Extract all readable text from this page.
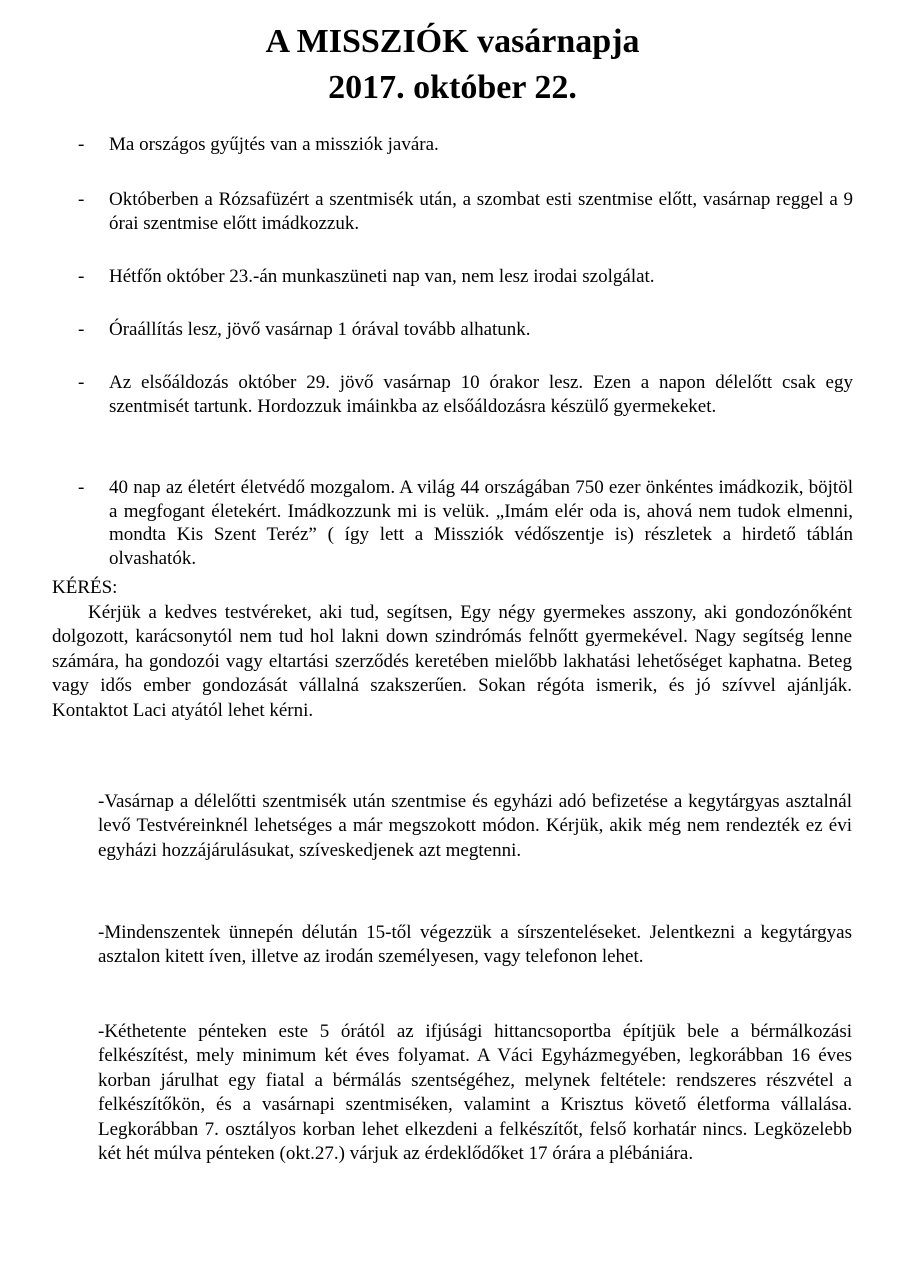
A MISSZIÓK vasárnapja
2017. október 22.
-	Ma országos gyűjtés van a missziók javára.
-	Októberben a Rózsafüzért a szentmisék után, a szombat esti szentmise előtt, vasárnap reggel a 9 órai szentmise előtt imádkozzuk.
-	Hétfőn október 23.-án munkaszüneti nap van, nem lesz irodai szolgálat.
-	Óraállítás lesz, jövő vasárnap 1 órával tovább alhatunk.
-	Az elsőáldozás október 29. jövő vasárnap 10 órakor lesz. Ezen a napon délelőtt csak egy szentmisét tartunk. Hordozzuk imáinkba az elsőáldozásra készülő gyermekeket.
-	40 nap az életért életvédő mozgalom. A világ 44 országában 750 ezer önkéntes imádkozik, böjtöl a megfogant életekért. Imádkozzunk mi is velük. „Imám elér oda is, ahová nem tudok elmenni, mondta Kis Szent Teréz” ( így lett a Missziók védőszentje is) részletek a hirdető táblán olvashatók.
KÉRÉS:
Kérjük a kedves testvéreket, aki tud, segítsen, Egy négy gyermekes asszony, aki gondozónőként dolgozott, karácsonytól nem tud hol lakni down szindrómás felnőtt gyermekével. Nagy segítség lenne számára, ha gondozói vagy eltartási szerződés keretében mielőbb lakhatási lehetőséget kaphatna. Beteg vagy idős ember gondozását vállalná szakszerűen. Sokan régóta ismerik, és jó szívvel ajánlják. Kontaktot Laci atyától lehet kérni.
-Vasárnap a délelőtti szentmisék után szentmise és egyházi adó befizetése a kegytárgyas asztalnál levő Testvéreinknél lehetséges a már megszokott módon. Kérjük, akik még nem rendezték ez évi egyházi hozzájárulásukat, szíveskedjenek azt megtenni.
-Mindenszentek ünnepén délután 15-től végezzük a sírszenteléseket. Jelentkezni a kegytárgyas asztalon kitett íven, illetve az irodán személyesen, vagy telefonon lehet.
-Kéthetente pénteken este 5 órától az ifjúsági hittancsoportba építjük bele a bérmálkozási felkészítést, mely minimum két éves folyamat. A Váci Egyházmegyében, legkorábban 16 éves korban járulhat egy fiatal a bérmálás szentségéhez, melynek feltétele: rendszeres részvétel a felkészítőkön, és a vasárnapi szentmiséken, valamint a Krisztus követő életforma vállalása. Legkorábban 7. osztályos korban lehet elkezdeni a felkészítőt, felső korhatár nincs. Legközelebb két hét múlva pénteken (okt.27.) várjuk az érdeklődőket 17 órára a plébániára.
